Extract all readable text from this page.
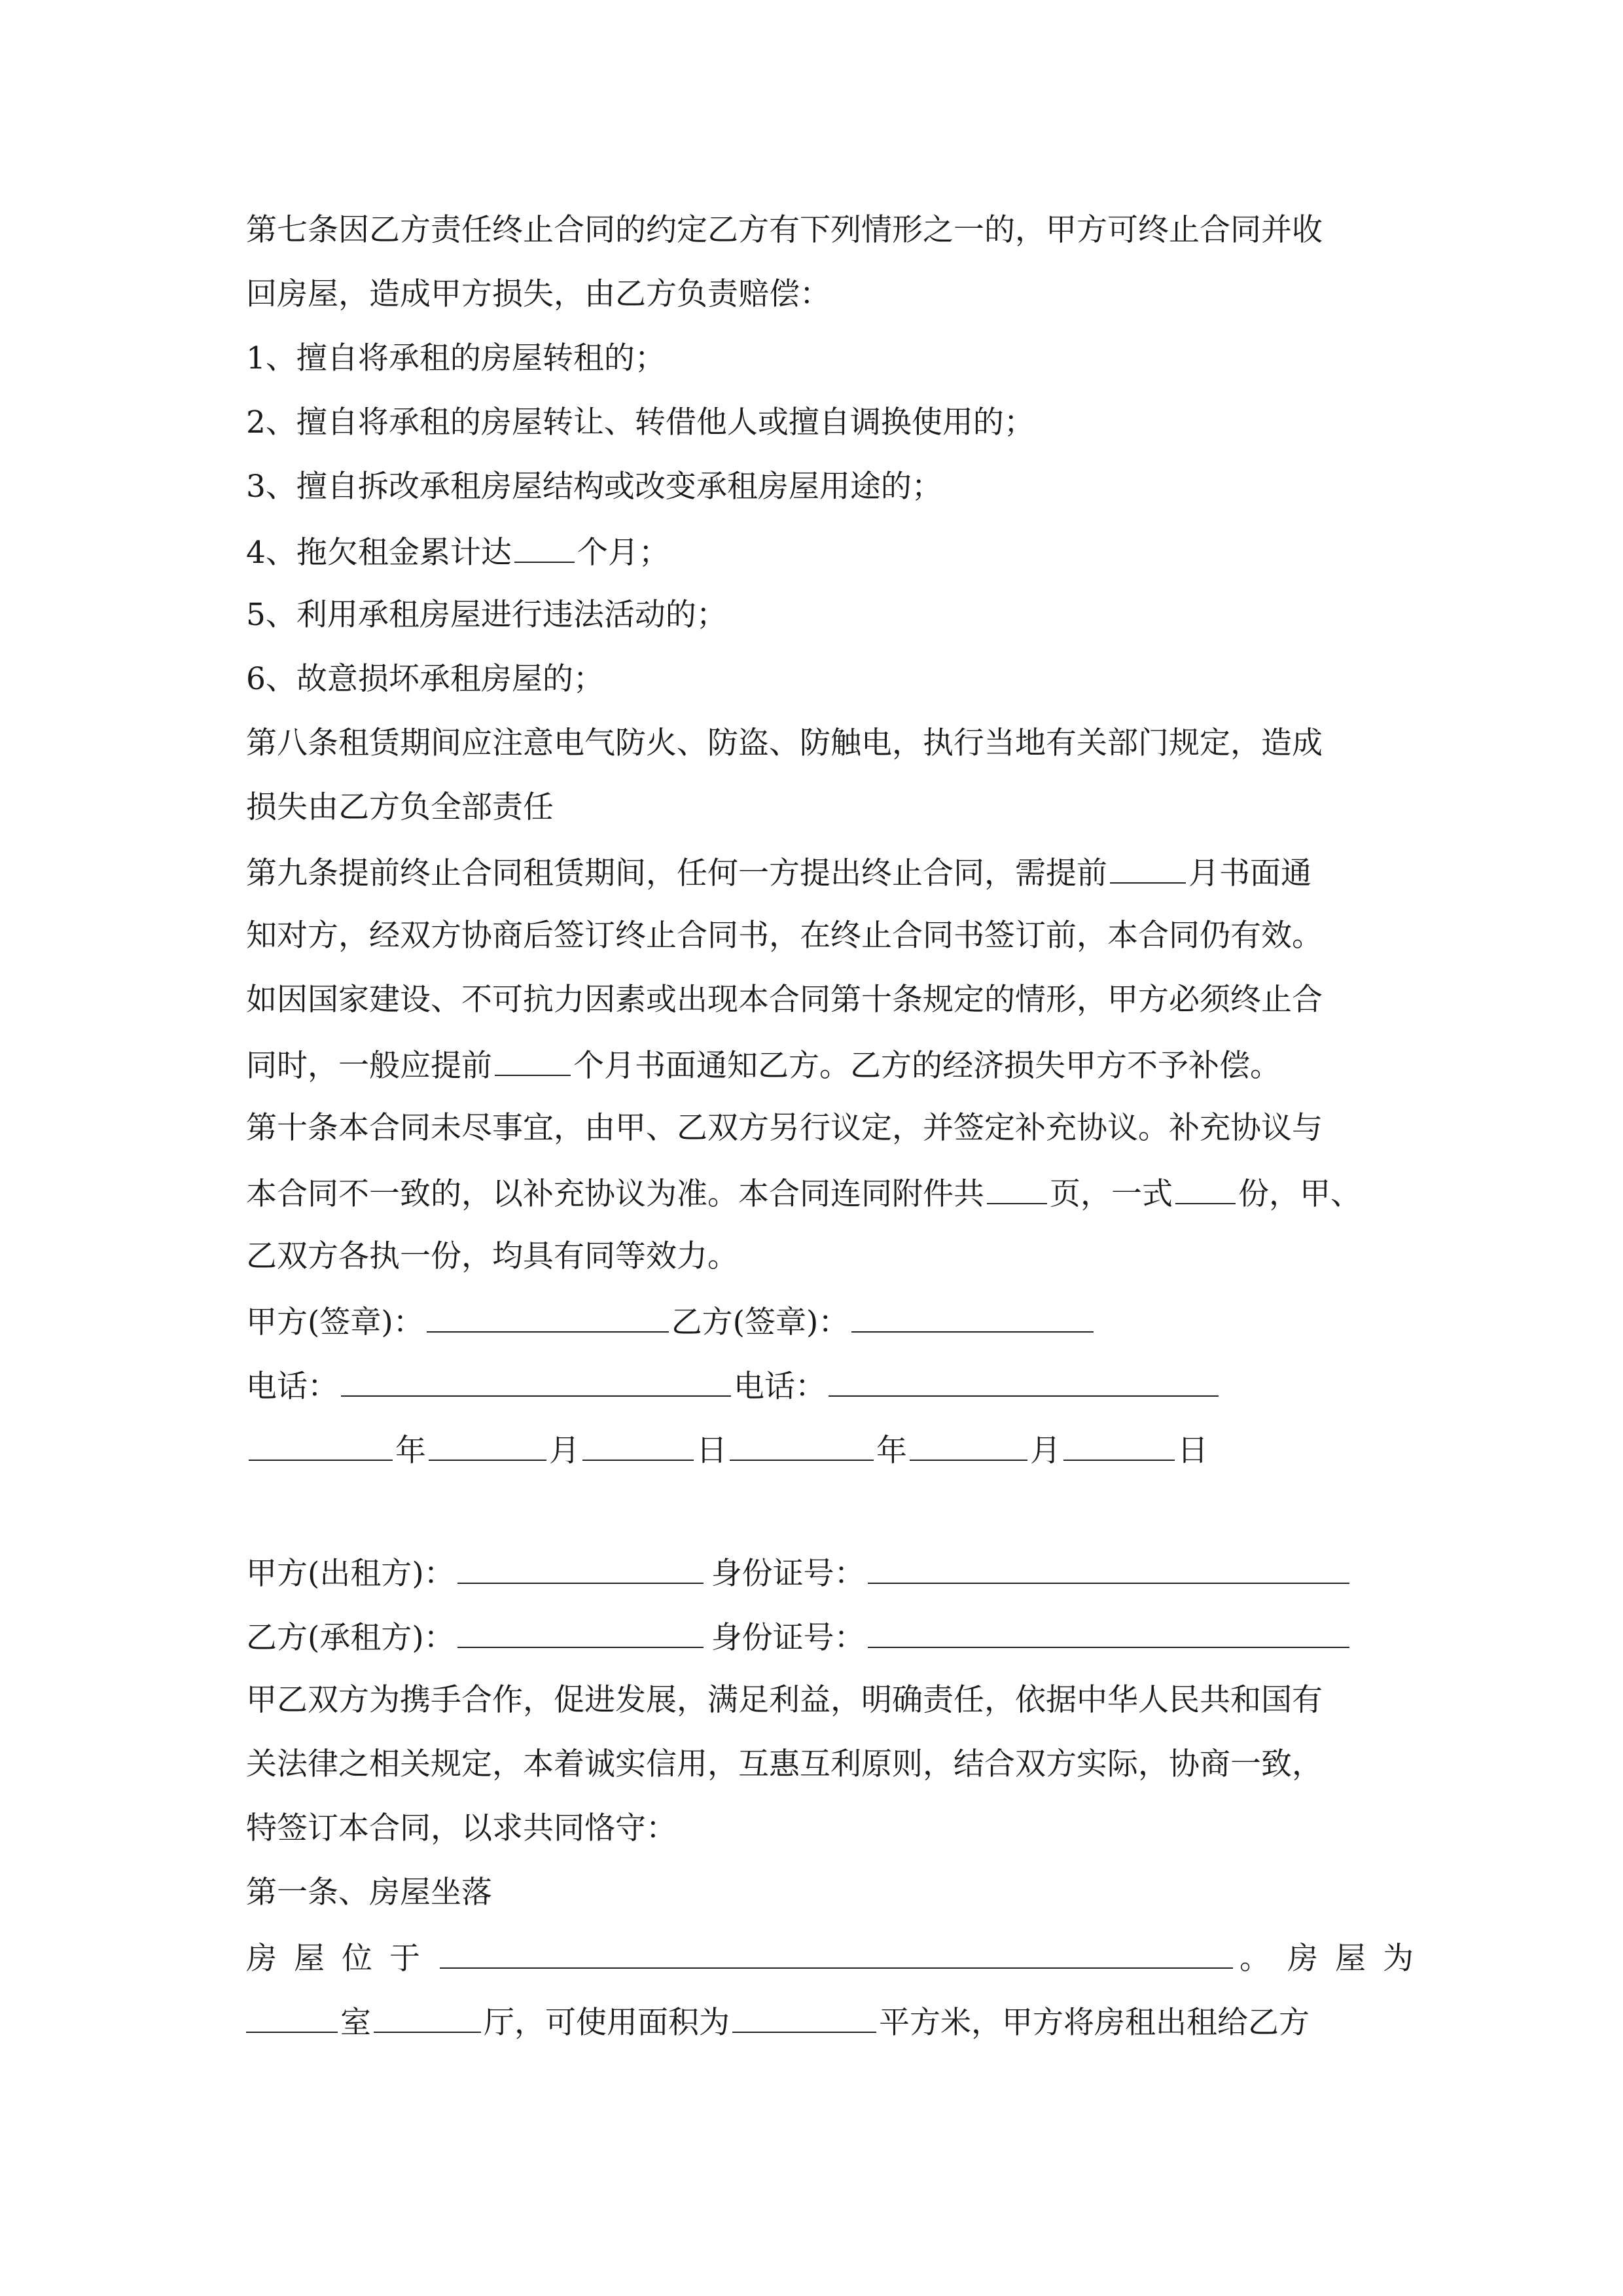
第七条因乙方责任终止合同的约定乙方有下列情形之一的，甲方可终止合同并收
回房屋，造成甲方损失，由乙方负责赔偿：
1、擅自将承租的房屋转租的；
2、擅自将承租的房屋转让、转借他人或擅自调换使用的；
3、擅自拆改承租房屋结构或改变承租房屋用途的；
4、拖欠租金累计达 个月；
5、利用承租房屋进行违法活动的；
6、故意损坏承租房屋的；
第八条租赁期间应注意电气防火、防盗、防触电，执行当地有关部门规定，造成
损失由乙方负全部责任
第九条提前终止合同租赁期间，任何一方提出终止合同，需提前	月书面通
知对方，经双方协商后签订终止合同书，在终止合同书签订前，本合同仍有效。
如因国家建设、不可抗力因素或出现本合同第十条规定的情形，甲方必须终止合
同时，一般应提前	个月书面通知乙方。乙方的经济损失甲方不予补偿。
第十条本合同未尽事宜，由甲、乙双方另行议定，并签定补充协议。补充协议与
本合同不一致的，以补充协议为准。本合同连同附件共 页，一式 份，甲、
乙双方各执一份，均具有同等效力。
甲方(签章)：	乙方(签章)：
电话：	电话：
年	月	日	年	月	日
甲方(出租方)：	身份证号：
乙方(承租方)：	身份证号：
甲乙双方为携手合作，促进发展，满足利益，明确责任，依据中华人民共和国有
关法律之相关规定，本着诚实信用，互惠互利原则，结合双方实际，协商一致，
特签订本合同，以求共同恪守：
第一条、房屋坐落
房屋位于	。房屋为
室	厅，可使用面积为	平方米，甲方将房租出租给乙方
